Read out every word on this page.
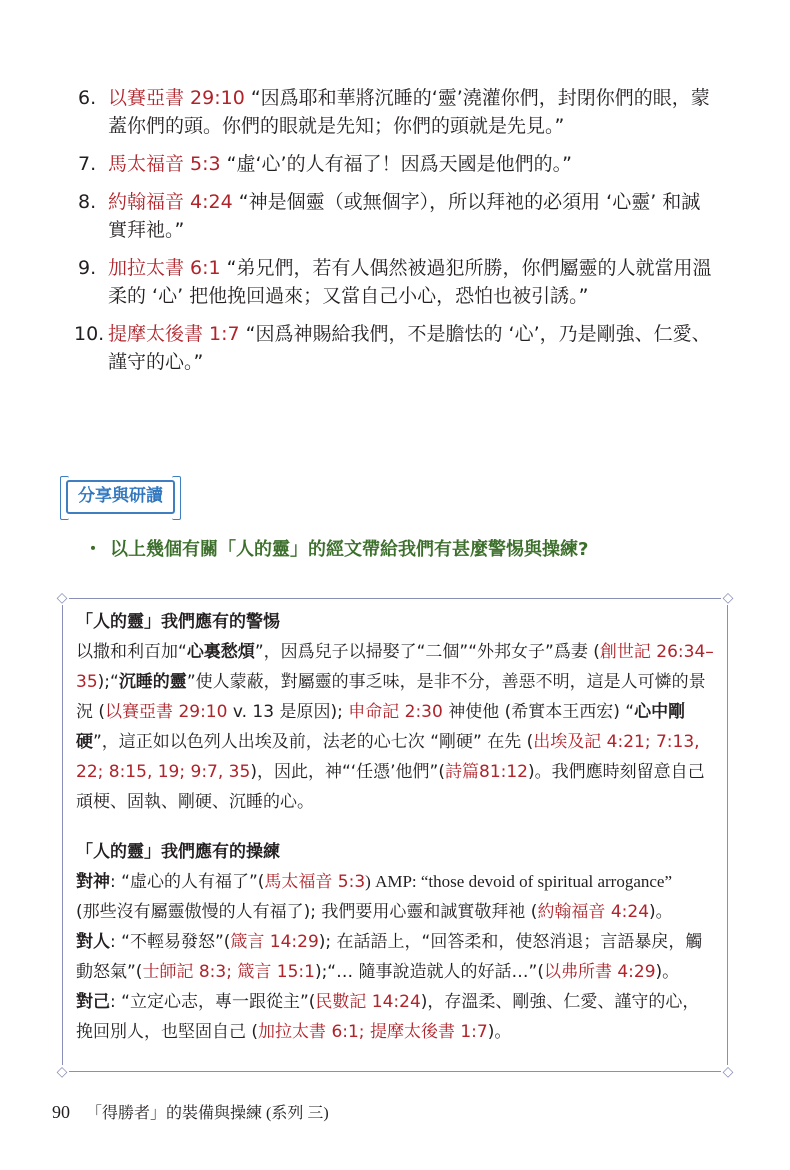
6. 以賽亞書 29:10 “因爲耶和華將沉睡的‘靈’澆灌你們，封閉你們的眼，蒙蓋你們的頭。你們的眼就是先知；你們的頭就是先見。”
7. 馬太福音 5:3 “虛‘心’的人有福了！因爲天國是他們的。”
8. 約翰福音 4:24 “神是個靈（或無個字），所以拜祂的必須用 ‘心靈’ 和誠實拜祂。”
9. 加拉太書 6:1 “弟兄們，若有人偶然被過犯所勝，你們屬靈的人就當用溫柔的 ‘心’ 把他挽回過來；又當自己小心，恐怕也被引誘。”
10. 提摩太後書 1:7 “因爲神賜給我們，不是膽怯的 ‘心’，乃是剛強、仁愛、謹守的心。”
分享與研讀
・ 以上幾個有關「人的靈」的經文帶給我們有甚麼警惕與操練?
◇	◇
◇	◇

「人的靈」我們應有的警惕

以撒和利百加“心裏愁煩”，因爲兒子以掃娶了“二個”“外邦女子”爲妻 (創世記 26:34–35);“沉睡的靈”使人蒙蔽，對屬靈的事乏味，是非不分，善惡不明，這是人可憐的景況 (以賽亞書 29:10 v. 13 是原因); 申命記 2:30 神使他 (希實本王西宏) “心中剛硬”，這正如以色列人出埃及前，法老的心七次 “剛硬” 在先 (出埃及記 4:21; 7:13, 22; 8:15, 19; 9:7, 35)，因此，神“‘任憑’他們”(詩篇81:12)。我們應時刻留意自己頑梗、固執、剛硬、沉睡的心。

「人的靈」我們應有的操練

對神: “虛心的人有福了”(馬太福音 5:3) AMP: “those devoid of spiritual arrogance”
(那些沒有屬靈傲慢的人有福了); 我們要用心靈和誠實敬拜祂 (約翰福音 4:24)。

對人: “不輕易發怒”(箴言 14:29); 在話語上，“回答柔和，使怒消退；言語暴戾，觸動怒氣”(士師記 8:3; 箴言 15:1);“… 隨事說造就人的好話…”(以弗所書 4:29)。

對己: “立定心志，專一跟從主”(民數記 14:24)，存溫柔、剛強、仁愛、謹守的心，挽回別人，也堅固自己 (加拉太書 6:1; 提摩太後書 1:7)。

90 「得勝者」的裝備與操練 (系列 三)
